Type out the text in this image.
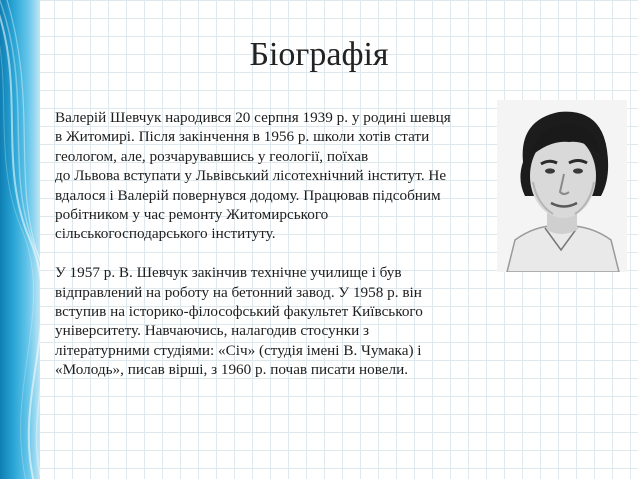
Біографія
Валерій Шевчук народився 20 серпня 1939 р. у родині шевця
в Житомирі. Після закінчення в 1956 р. школи хотів стати
геологом, але, розчарувавшись у геології, поїхав
до Львова вступати у Львівський лісотехнічний інститут. Не
вдалося і Валерій повернувся додому. Працював підсобним
робітником у час ремонту Житомирського
сільськогосподарського інституту.
У 1957 р. В. Шевчук закінчив технічне училище і був
відправлений на роботу на бетонний завод. У 1958 р. він
вступив на історико-філософський факультет Київського
університету. Навчаючись, налагодив стосунки з
літературними студіями: «Січ» (студія імені В. Чумака) і
«Молодь», писав вірші, з 1960 р. почав писати новели.
